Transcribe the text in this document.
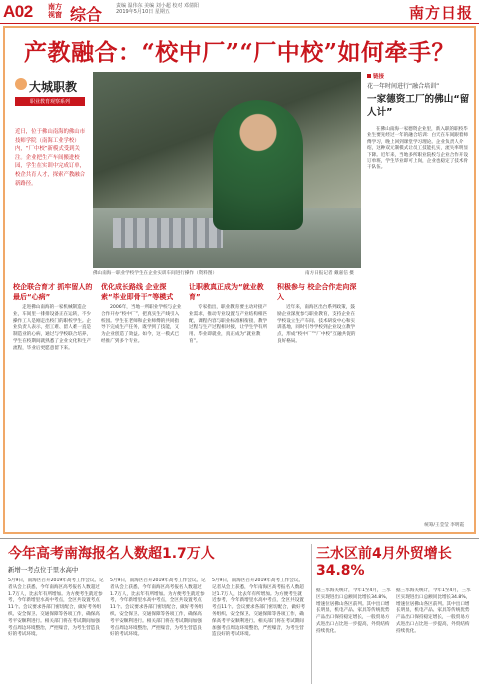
A02 南方视窗 综合	责编 温伟东 美编 刘小超 校对 邓倩阳
2019年5月10日 星期五	南方日报
产教融合：“校中厂”“厂中校”如何牵手？
大城职教
职业教育观察系列
近日，位于佛山南海的佛山市技师学院（南海工业学校）内，“厂中校”新模式受到关注。企业把生产车间搬进校园，学生在实训中完成订单，校企共育人才，探索产教融合新路径。
佛山南海一职业学校学生在企业实训车间进行操作（资料图）	南方日报记者 戴嘉信 摄
链接
花一年时间进行“融合培训”
一家德资工厂的佛山“留人计”
在佛山南海一家德资企业里，新入职的职校毕业生要先经过一年的融合培训：白天在车间跟着师傅学习，晚上回到课堂学习理论。企业负责人介绍，这种双元制模式让员工技能扎实，流失率明显下降。近年来，当地多所职业院校与企业合作开设订单班，学生毕业即可上岗，企业也稳定了技术骨干队伍。
校企联合育才 抓牢留人的最后“心病”
走进佛山南海的一家机械制造企业，车间里一排排设备正在运转，不少操作工人是刚走出校门的职校学生。企业负责人表示，招工难、留人难一直是制造业的心病，通过与学校联合培养，学生在校期间就熟悉了企业文化和生产流程，毕业后更愿意留下来。
优化成长路线 企业探索“毕业即骨干”等模式
2006年，当地一所职业学校与企业合作开办“校中厂”，把真实生产线引入校园。学生在老师和企业师傅的共同指导下完成生产任务，既学到了技能，又为企业创造了效益。如今，这一模式已经推广到多个专业。
让职教真正成为“就业教育”
专家指出，职业教育要主动对接产业需求，推动专业设置与产业结构相匹配，课程内容与职业标准相衔接，教学过程与生产过程相对接，让学生学有所用、毕业即就业，真正成为“就业教育”。
积极参与 校企合作走向深入
近年来，南海区出台系列政策，鼓励企业深度参与职业教育，支持企业在学校设立生产车间、技术研发中心和实训基地，同时引导学校到企业设立教学点，形成“校中厂”“厂中校”互融共促的良好格局。
统筹/王莹莹 李明霞
今年高考南海报名人数超1.7万人
新增一考点位于里水高中
5月9日，南海区召开2019年高考工作会议。记者从会上获悉，今年南海区高考报名人数超过1.7万人，比去年有所增加。为方便考生就近参考，今年新增里水高中考点，全区共设置考点11个。会议要求各部门密切配合，做好考务组织、安全保卫、交通保障等各项工作，确保高考平安顺利进行。相关部门将在考试期间加强考点周边环境整治，严控噪音，为考生营造良好的考试环境。
5月9日，南海区召开2019年高考工作会议。记者从会上获悉，今年南海区高考报名人数超过1.7万人，比去年有所增加。为方便考生就近参考，今年新增里水高中考点，全区共设置考点11个。会议要求各部门密切配合，做好考务组织、安全保卫、交通保障等各项工作，确保高考平安顺利进行。相关部门将在考试期间加强考点周边环境整治，严控噪音，为考生营造良好的考试环境。
5月9日，南海区召开2019年高考工作会议。记者从会上获悉，今年南海区高考报名人数超过1.7万人，比去年有所增加。为方便考生就近参考，今年新增里水高中考点，全区共设置考点11个。会议要求各部门密切配合，做好考务组织、安全保卫、交通保障等各项工作，确保高考平安顺利进行。相关部门将在考试期间加强考点周边环境整治，严控噪音，为考生营造良好的考试环境。
三水区前4月外贸增长34.8%
据三水海关统计，今年1至4月，三水区实现进出口总额同比增长34.8%，增速位居佛山各区前列。其中出口增长明显，机电产品、家具等传统优势产品出口保持稳定增长，一般贸易方式进出口占比进一步提高，外贸结构持续优化。
据三水海关统计，今年1至4月，三水区实现进出口总额同比增长34.8%，增速位居佛山各区前列。其中出口增长明显，机电产品、家具等传统优势产品出口保持稳定增长，一般贸易方式进出口占比进一步提高，外贸结构持续优化。
